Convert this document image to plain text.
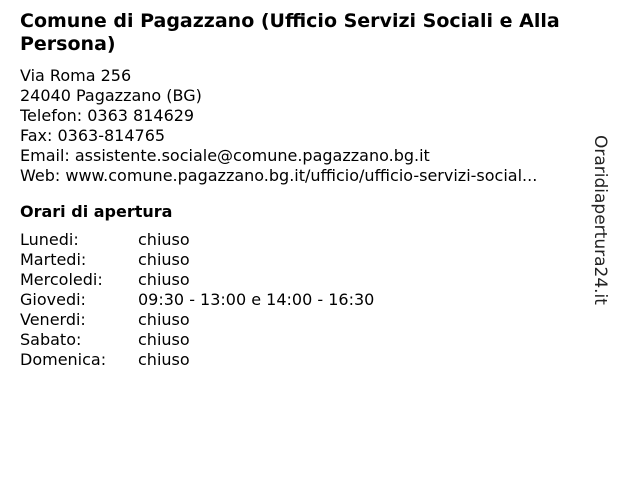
Comune di Pagazzano (Ufficio Servizi Sociali e Alla Persona)
Via Roma 256
24040 Pagazzano (BG)
Telefon: 0363 814629
Fax: 0363-814765
Email: assistente.sociale@comune.pagazzano.bg.it
Web: www.comune.pagazzano.bg.it/ufficio/ufficio-servizi-social...
Orari di apertura
Lunedi:	chiuso
Martedi:	chiuso
Mercoledi:	chiuso
Giovedi:	09:30 - 13:00 e 14:00 - 16:30
Venerdi:	chiuso
Sabato:	chiuso
Domenica:	chiuso
Oraridiapertura24.it
